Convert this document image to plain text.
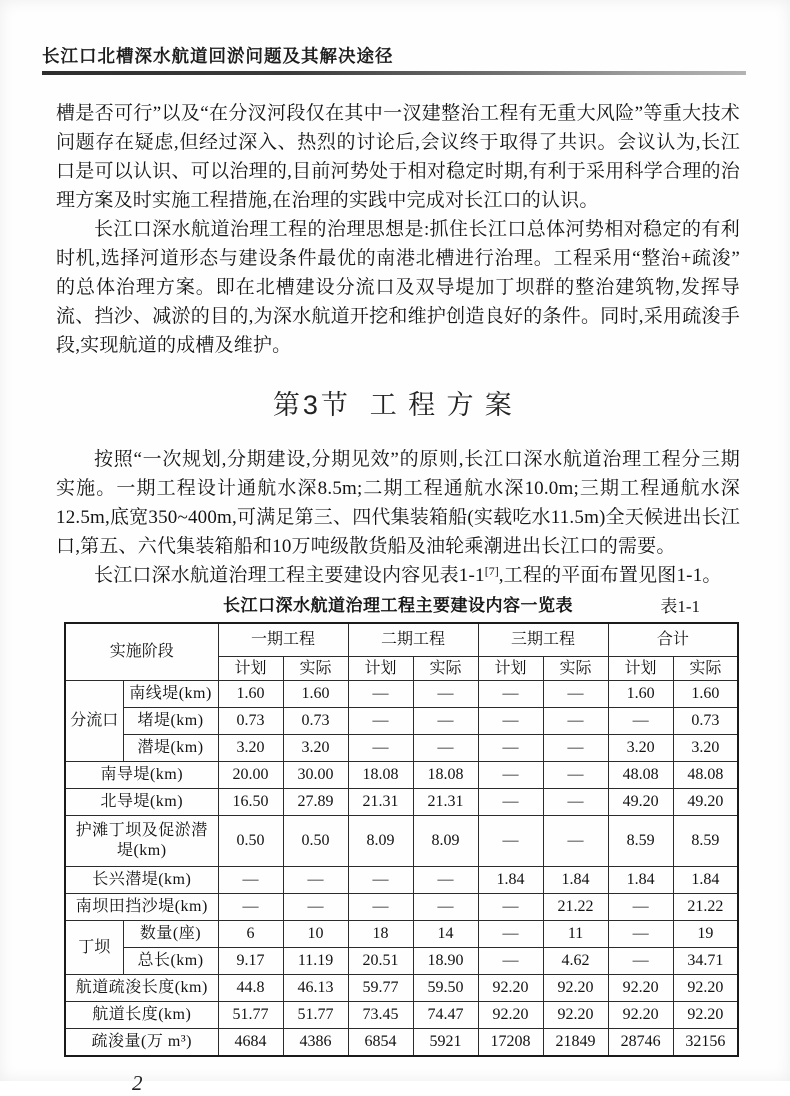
长江口北槽深水航道回淤问题及其解决途径

槽是否可行”以及“在分汊河段仅在其中一汊建整治工程有无重大风险”等重大技术问题存在疑虑,但经过深入、热烈的讨论后,会议终于取得了共识。会议认为,长江口是可以认识、可以治理的,目前河势处于相对稳定时期,有利于采用科学合理的治理方案及时实施工程措施,在治理的实践中完成对长江口的认识。

长江口深水航道治理工程的治理思想是:抓住长江口总体河势相对稳定的有利时机,选择河道形态与建设条件最优的南港北槽进行治理。工程采用“整治+疏浚”的总体治理方案。即在北槽建设分流口及双导堤加丁坝群的整治建筑物,发挥导流、挡沙、减淤的目的,为深水航道开挖和维护创造良好的条件。同时,采用疏浚手段,实现航道的成槽及维护。

第3节 工程方案

按照“一次规划,分期建设,分期见效”的原则,长江口深水航道治理工程分三期实施。一期工程设计通航水深8.5m;二期工程通航水深10.0m;三期工程通航水深12.5m,底宽350~400m,可满足第三、四代集装箱船(实载吃水11.5m)全天候进出长江口,第五、六代集装箱船和10万吨级散货船及油轮乘潮进出长江口的需要。

长江口深水航道治理工程主要建设内容见表1-1[7],工程的平面布置见图1-1。

长江口深水航道治理工程主要建设内容一览表	表1-1
实施阶段		一期工程		二期工程		三期工程		合计	
		计划	实际	计划	实际	计划	实际	计划	实际
分流口	南线堤(km)	1.60	1.60	—	—	—	—	1.60	1.60
	堵堤(km)	0.73	0.73	—	—	—	—	—	0.73
	潜堤(km)	3.20	3.20	—	—	—	—	3.20	3.20
南导堤(km)		20.00	30.00	18.08	18.08	—	—	48.08	48.08
北导堤(km)		16.50	27.89	21.31	21.31	—	—	49.20	49.20
护滩丁坝及促淤潜堤(km)		0.50	0.50	8.09	8.09	—	—	8.59	8.59
长兴潜堤(km)		—	—	—	—	1.84	1.84	1.84	1.84
南坝田挡沙堤(km)		—	—	—	—	—	21.22	—	21.22
丁坝	数量(座)	6	10	18	14	—	11	—	19
	总长(km)	9.17	11.19	20.51	18.90	—	4.62	—	34.71
航道疏浚长度(km)		44.8	46.13	59.77	59.50	92.20	92.20	92.20	92.20
航道长度(km)		51.77	51.77	73.45	74.47	92.20	92.20	92.20	92.20
疏浚量(万 m³)		4684	4386	6854	5921	17208	21849	28746	32156
2
